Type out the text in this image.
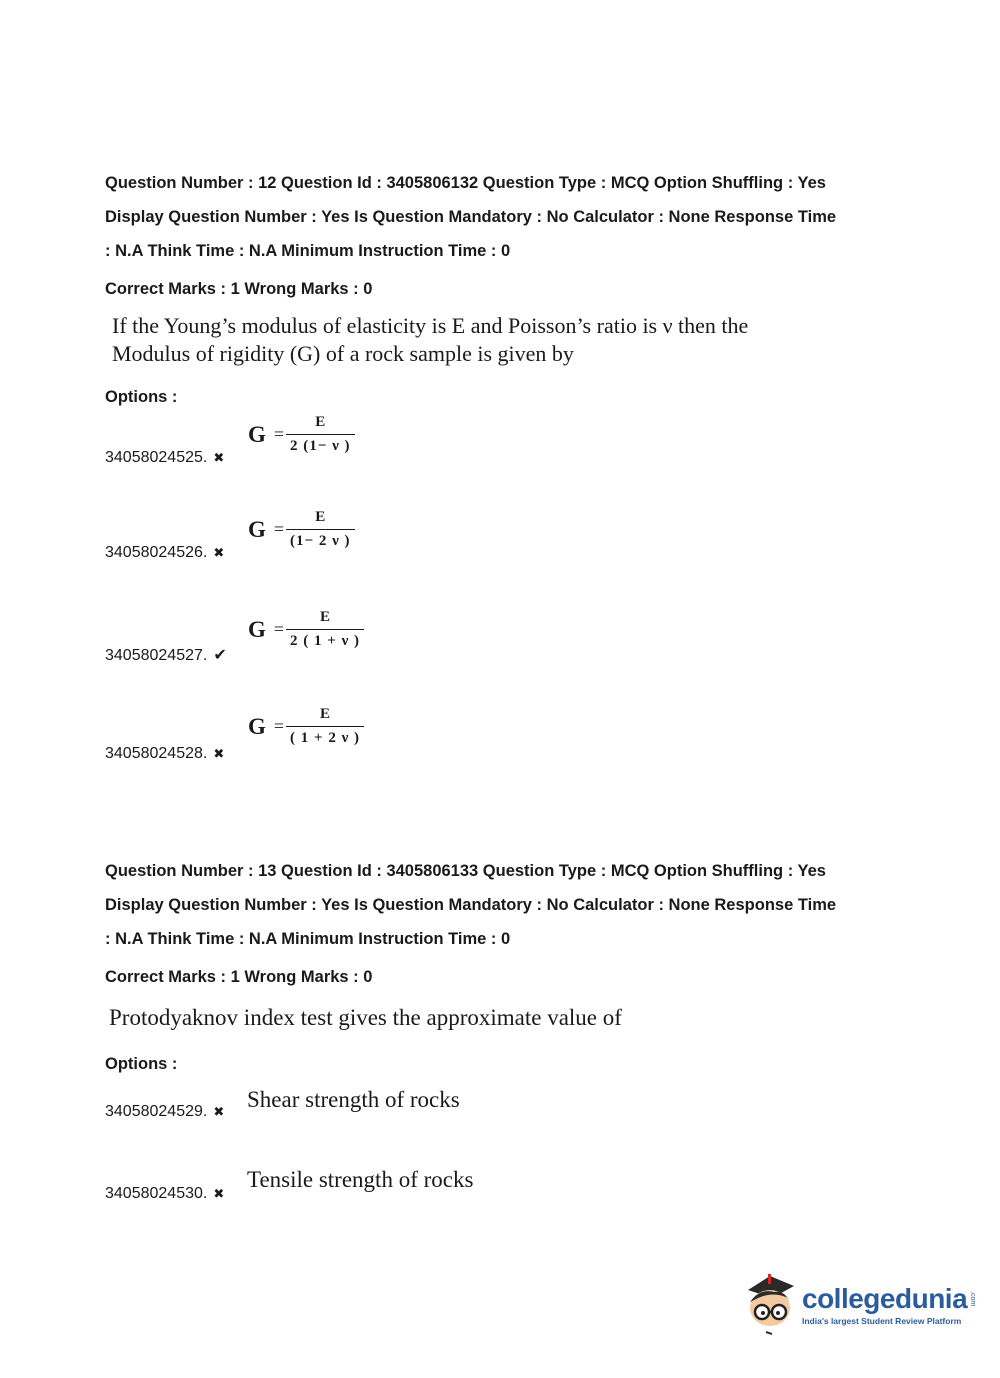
Question Number : 12 Question Id : 3405806132 Question Type : MCQ Option Shuffling : Yes
Display Question Number : Yes Is Question Mandatory : No Calculator : None Response Time
: N.A Think Time : N.A Minimum Instruction Time : 0
Correct Marks : 1 Wrong Marks : 0
If the Young’s modulus of elasticity is E and Poisson’s ratio is ν then the
Modulus of rigidity (G) of a rock sample is given by
Options :
34058024525. ✖
$G = \frac{E}{2 (1- \nu )}$
34058024526. ✖
$G = \frac{E}{(1- 2 \nu )}$
34058024527. ✔
$G = \frac{E}{2 ( 1 + \nu )}$
34058024528. ✖
$G = \frac{E}{( 1 + 2 \nu )}$
Question Number : 13 Question Id : 3405806133 Question Type : MCQ Option Shuffling : Yes
Display Question Number : Yes Is Question Mandatory : No Calculator : None Response Time
: N.A Think Time : N.A Minimum Instruction Time : 0
Correct Marks : 1 Wrong Marks : 0
Protodyaknov index test gives the approximate value of
Options :
34058024529. ✖ Shear strength of rocks
34058024530. ✖
Tensile strength of rocks
collegedunia .com
India's largest Student Review Platform
